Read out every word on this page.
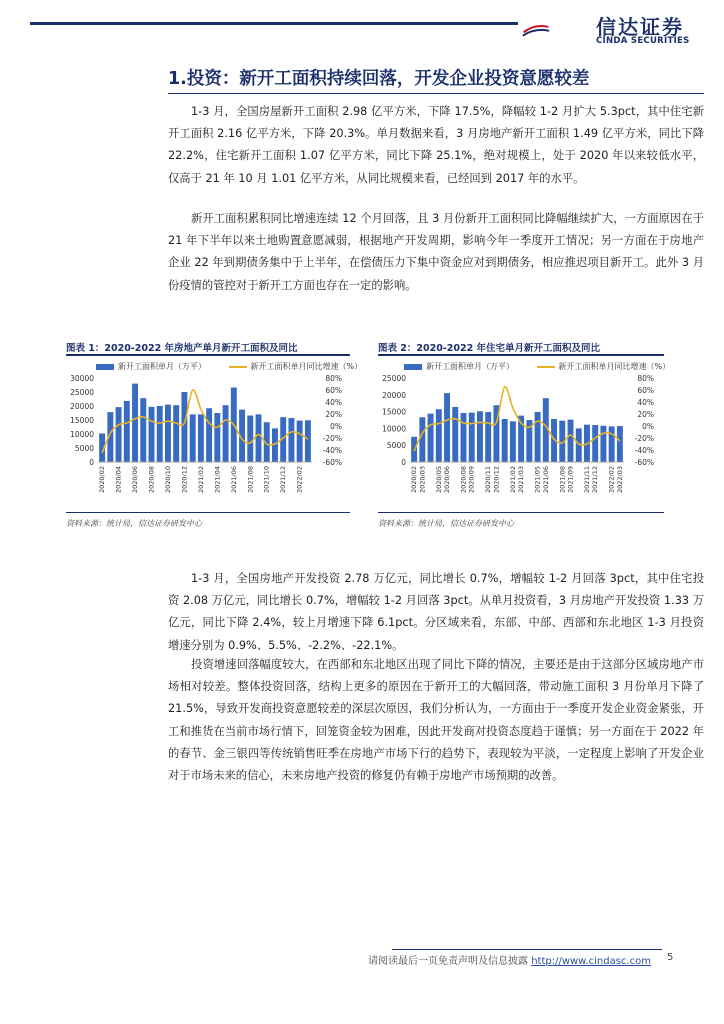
信达证券
CINDA SECURITIES
1.投资：新开工面积持续回落，开发企业投资意愿较差

1-3 月，全国房屋新开工面积 2.98 亿平方米，下降 17.5%，降幅较 1-2 月扩大 5.3pct，其中住宅新开工面积 2.16 亿平方米，下降 20.3%。单月数据来看，3 月房地产新开工面积 1.49 亿平方米，同比下降 22.2%，住宅新开工面积 1.07 亿平方米，同比下降 25.1%，绝对规模上，处于 2020 年以来较低水平，仅高于 21 年 10 月 1.01 亿平方米，从同比规模来看，已经回到 2017 年的水平。

新开工面积累积同比增速连续 12 个月回落，且 3 月份新开工面积同比降幅继续扩大，一方面原因在于 21 年下半年以来土地购置意愿减弱，根据地产开发周期，影响今年一季度开工情况；另一方面在于房地产企业 22 年到期债务集中于上半年，在偿债压力下集中资金应对到期债务，相应推迟项目新开工。此外 3 月份疫情的管控对于新开工方面也存在一定的影响。

图表 1：2020-2022 年房地产单月新开工面积及同比
新开工面积单月（万平）	新开工面积单月同比增速（%）
0
5000
10000
15000
20000
25000
30000
-60%
-40%
-20%
0%
20%
40%
60%
80%
2020/02 2020/04 2020/06 2020/08 2020/10 2020/12 2021/02 2021/04 2021/06 2021/08 2021/10 2021/12 2022/02
资料来源：统计局，信达证券研发中心
图表 2：2020-2022 年住宅单月新开工面积及同比
新开工面积单月（万平）	新开工面积单月同比增速（%）
0
5000
10000
15000
20000
25000
-60%
-40%
-20%
0%
20%
40%
60%
80%
2020/02 2020/03 2020/05 2020/06 2020/08 2020/09 2020/11 2020/12 2021/02 2021/03 2021/05 2021/06 2021/08 2021/09 2021/11 2021/12 2022/02 2022/03
资料来源：统计局，信达证券研发中心

1-3 月，全国房地产开发投资 2.78 万亿元，同比增长 0.7%，增幅较 1-2 月回落 3pct，其中住宅投资 2.08 万亿元，同比增长 0.7%，增幅较 1-2 月回落 3pct。从单月投资看，3 月房地产开发投资 1.33 万亿元，同比下降 2.4%，较上月增速下降 6.1pct。分区域来看，东部、中部、西部和东北地区 1-3 月投资增速分别为 0.9%、5.5%、-2.2%、-22.1%。

投资增速回落幅度较大，在西部和东北地区出现了同比下降的情况，主要还是由于这部分区域房地产市场相对较差。整体投资回落，结构上更多的原因在于新开工的大幅回落，带动施工面积 3 月份单月下降了 21.5%，导致开发商投资意愿较差的深层次原因，我们分析认为，一方面由于一季度开发企业资金紧张，开工和推货在当前市场行情下，回笼资金较为困难，因此开发商对投资态度趋于谨慎；另一方面在于 2022 年的春节、金三银四等传统销售旺季在房地产市场下行的趋势下，表现较为平淡，一定程度上影响了开发企业对于市场未来的信心，未来房地产投资的修复仍有赖于房地产市场预期的改善。

请阅读最后一页免责声明及信息披露 http://www.cindasc.com 5
